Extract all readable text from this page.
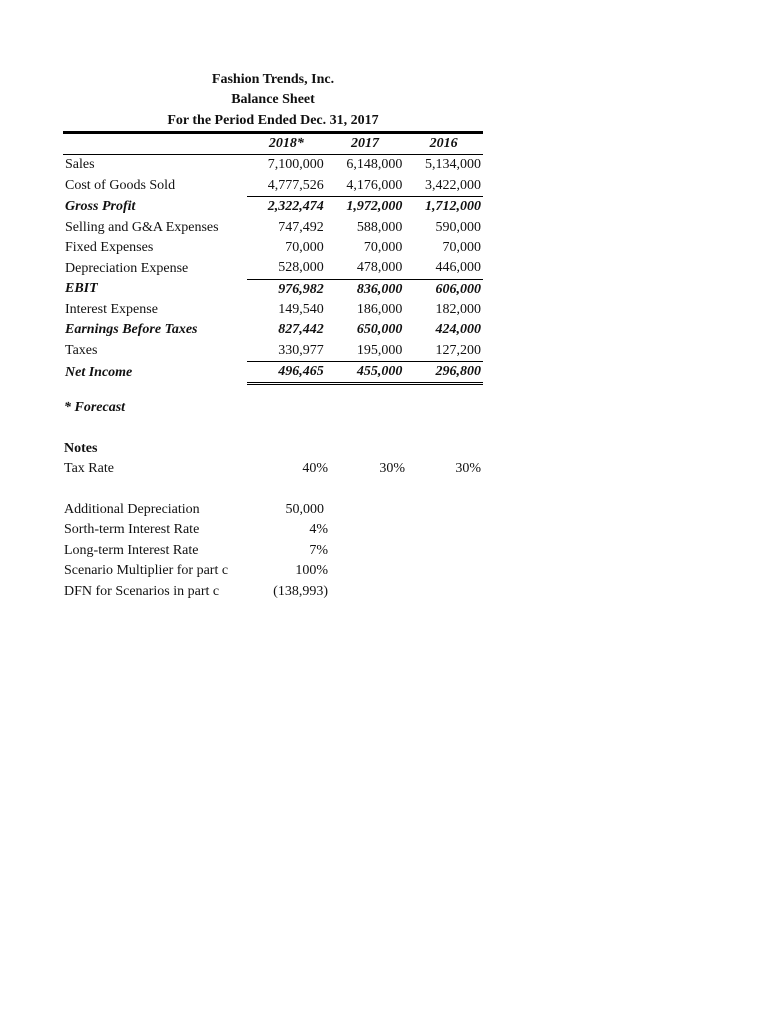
Fashion Trends, Inc.
Balance Sheet
For the Period Ended Dec. 31, 2017
	2018*	2017	2016
Sales	7,100,000	6,148,000	5,134,000
Cost of Goods Sold	4,777,526	4,176,000	3,422,000
Gross Profit	2,322,474	1,972,000	1,712,000
Selling and G&A Expenses	747,492	588,000	590,000
Fixed Expenses	70,000	70,000	70,000
Depreciation Expense	528,000	478,000	446,000
EBIT	976,982	836,000	606,000
Interest Expense	149,540	186,000	182,000
Earnings Before Taxes	827,442	650,000	424,000
Taxes	330,977	195,000	127,200
Net Income	496,465	455,000	296,800
* Forecast
Notes
Tax Rate	40%	30%	30%
Additional Depreciation	50,000
Sorth-term Interest Rate	4%
Long-term Interest Rate	7%
Scenario Multiplier for part c	100%
DFN for Scenarios in part c	(138,993)
